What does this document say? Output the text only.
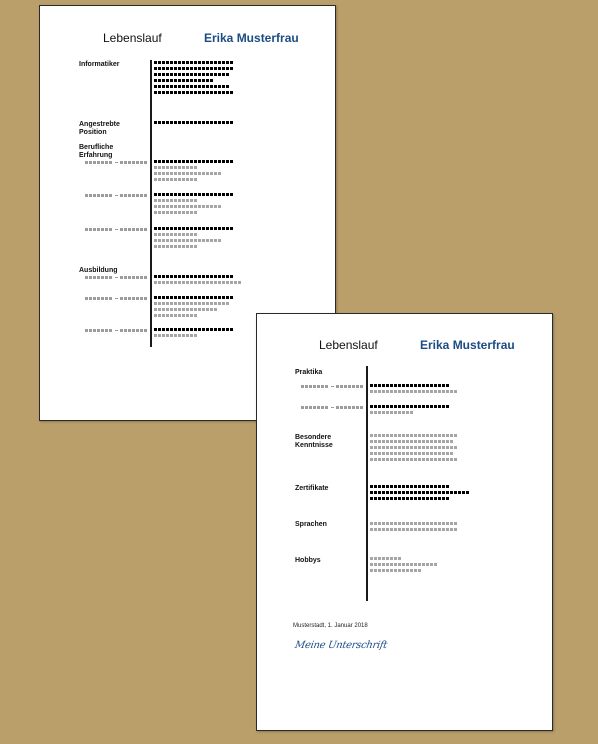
Lebenslauf	Erika Musterfrau
Informatiker
Angestrebte
Position
Berufliche
Erfahrung
Ausbildung
Lebenslauf	Erika Musterfrau
Praktika
Besondere
Kenntnisse
Zertifikate
Sprachen
Hobbys
Musterstadt, 1. Januar 2018
Meine Unterschrift
